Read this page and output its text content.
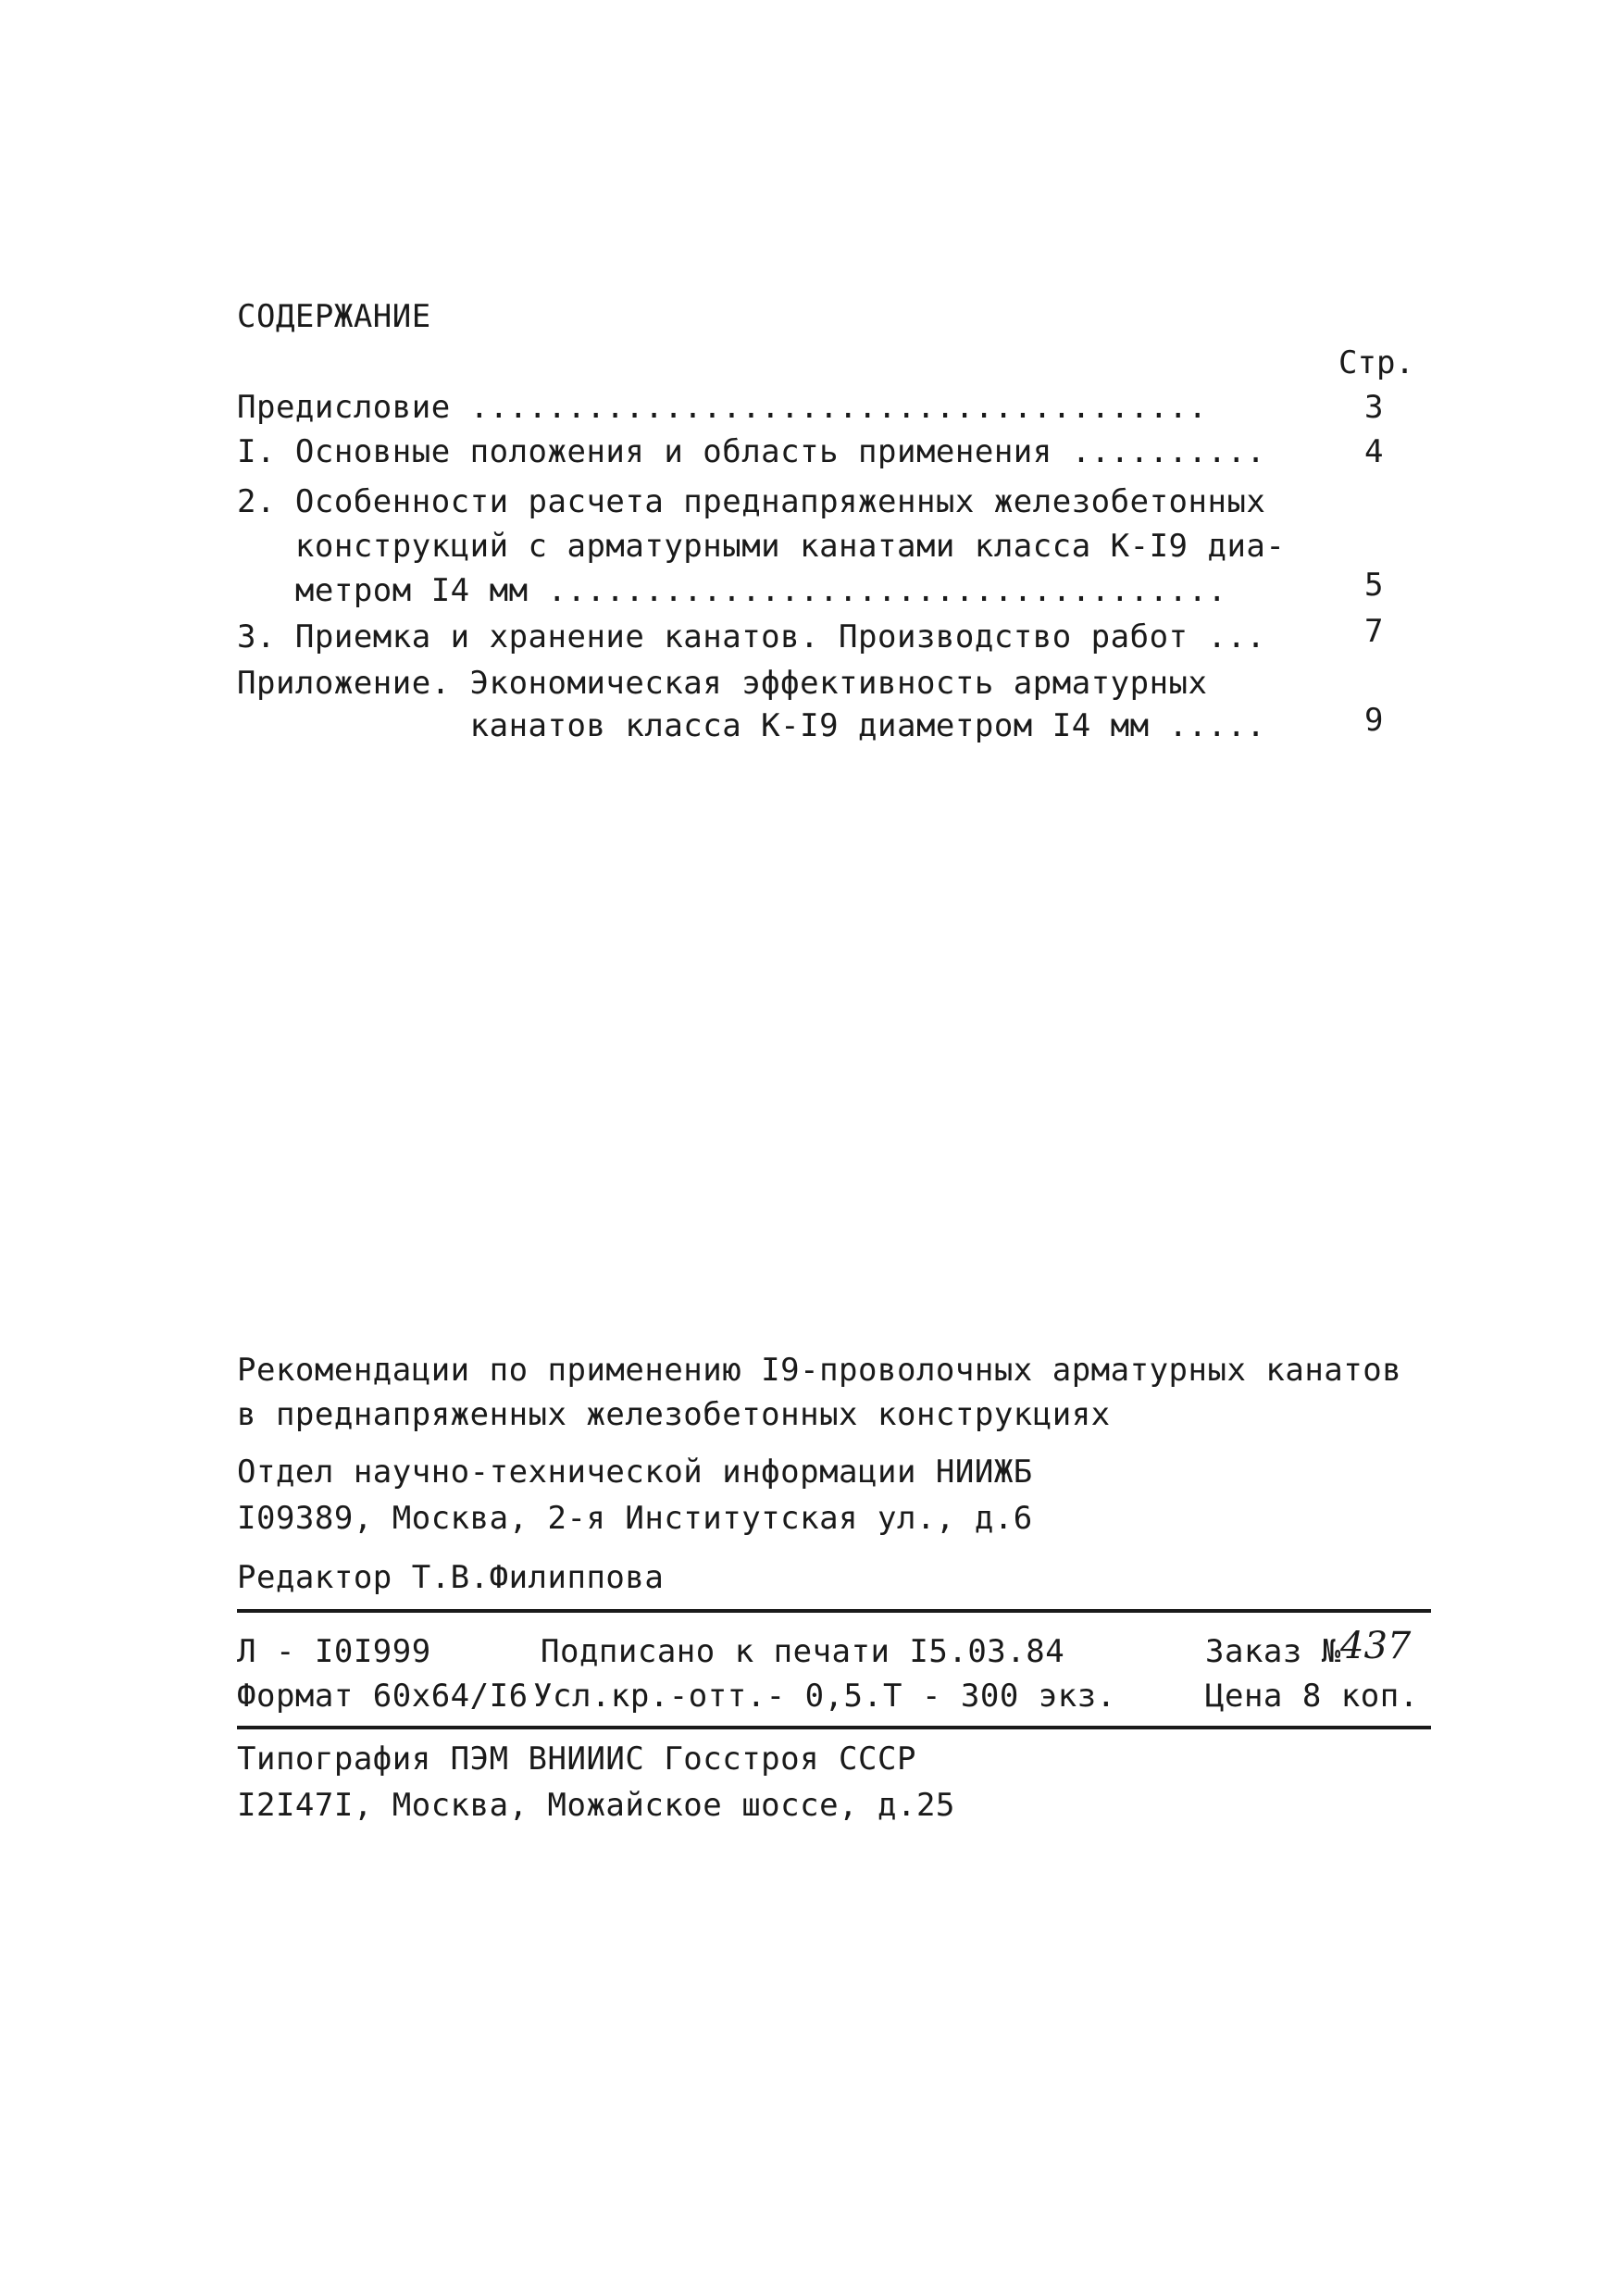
СОДЕРЖАНИЕ
Стр.
Предисловие ......................................	3
I. Основные положения и область применения ..........	4
2. Особенности расчета преднапряженных железобетонных
конструкций с арматурными канатами класса К-I9 диа-
метром I4 мм ...................................	5
3. Приемка и хранение канатов. Производство работ ...	7
Приложение. Экономическая эффективность арматурных
канатов класса К-I9 диаметром I4 мм .....	9
Рекомендации по применению I9-проволочных арматурных канатов
в преднапряженных железобетонных конструкциях
Отдел научно-технической информации НИИЖБ
I09389, Москва, 2-я Институтская ул., д.6
Редактор Т.В.Филиппова
Л - I0I999	Подписано к печати I5.03.84	Заказ № 437
Формат 60х64/I6 Усл.кр.-отт.- 0,5. Т - 300 экз.	Цена 8 коп.
Типография ПЭМ ВНИИИС Госстроя СССР
I2I47I, Москва, Можайское шоссе, д.25
